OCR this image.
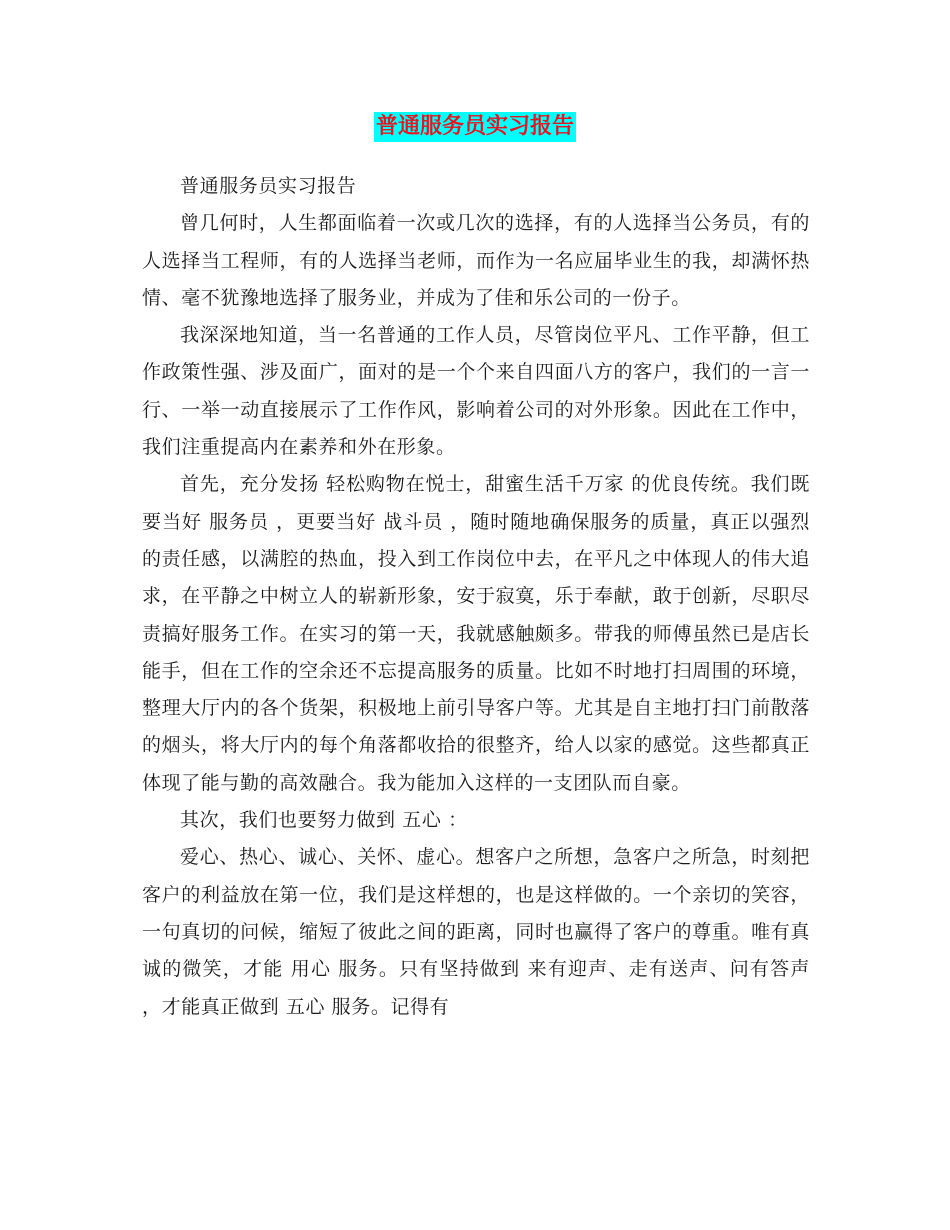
普通服务员实习报告

普通服务员实习报告

曾几何时，人生都面临着一次或几次的选择，有的人选择当公务员，有的人选择当工程师，有的人选择当老师，而作为一名应届毕业生的我，却满怀热情、毫不犹豫地选择了服务业，并成为了佳和乐公司的一份子。

我深深地知道，当一名普通的工作人员，尽管岗位平凡、工作平静，但工作政策性强、涉及面广，面对的是一个个来自四面八方的客户，我们的一言一行、一举一动直接展示了工作作风，影响着公司的对外形象。因此在工作中，我们注重提高内在素养和外在形象。

首先，充分发扬 轻松购物在悦士，甜蜜生活千万家 的优良传统。我们既要当好 服务员 ，更要当好 战斗员 ，随时随地确保服务的质量，真正以强烈的责任感，以满腔的热血，投入到工作岗位中去，在平凡之中体现人的伟大追求，在平静之中树立人的崭新形象，安于寂寞，乐于奉献，敢于创新，尽职尽责搞好服务工作。在实习的第一天，我就感触颇多。带我的师傅虽然已是店长能手，但在工作的空余还不忘提高服务的质量。比如不时地打扫周围的环境，整理大厅内的各个货架，积极地上前引导客户等。尤其是自主地打扫门前散落的烟头，将大厅内的每个角落都收拾的很整齐，给人以家的感觉。这些都真正体现了能与勤的高效融合。我为能加入这样的一支团队而自豪。

其次，我们也要努力做到 五心 ：

爱心、热心、诚心、关怀、虚心。想客户之所想，急客户之所急，时刻把客户的利益放在第一位，我们是这样想的，也是这样做的。一个亲切的笑容，一句真切的问候，缩短了彼此之间的距离，同时也赢得了客户的尊重。唯有真诚的微笑，才能 用心 服务。只有坚持做到 来有迎声、走有送声、问有答声 ，才能真正做到 五心 服务。记得有
